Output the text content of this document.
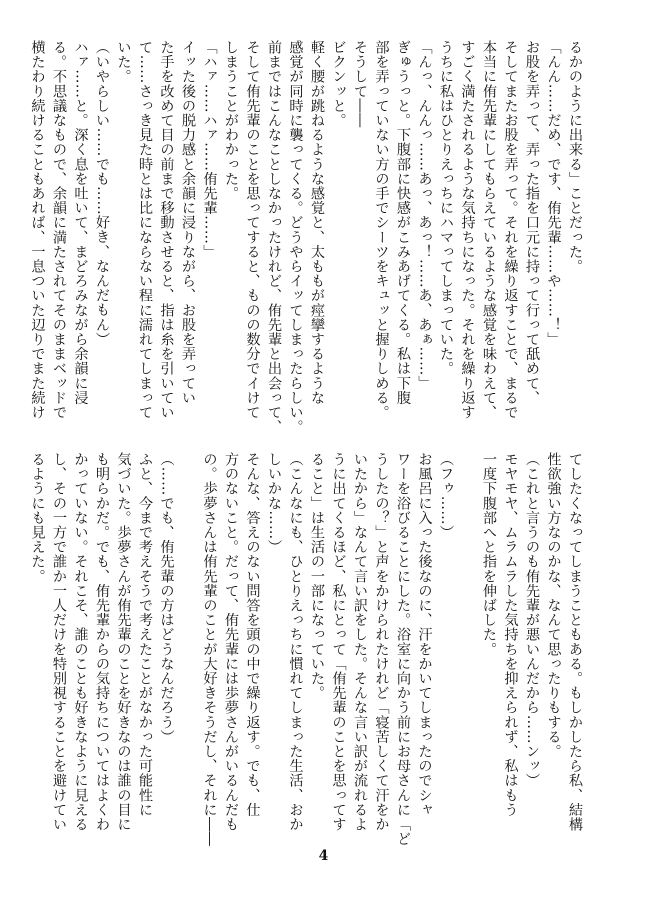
るかのように出来る」ことだった。
「んん……だめ、です、侑先輩……や……！」
お股を弄って、弄った指を口元に持って行って舐めて、
そしてまたお股を弄って。それを繰り返すことで、まるで
本当に侑先輩にしてもらえているような感覚を味わえて、
すごく満たされるような気持ちになった。それを繰り返す
うちに私はひとりえっちにハマってしまっていた。
「んっ、んんっ……あっ、あっ！……あ、あぁ……」
ぎゅうっと。下腹部に快感がこみあげてくる。私は下腹
部を弄っていない方の手でシーツをキュッと握りしめる。
そうして――
ビクンッと。
軽く腰が跳ねるような感覚と、太ももが痙攣するような
感覚が同時に襲ってくる。どうやらイッてしまったらしい。
前まではこんなことしなかったけれど、侑先輩と出会って、
そして侑先輩のことを思ってすると、ものの数分でイけて
しまうことがわかった。
「ハァ……ハァ……侑先輩……」
イッた後の脱力感と余韻に浸りながら、お股を弄ってい
た手を改めて目の前まで移動させると、指は糸を引いてい
て……さっき見た時とは比にならない程に濡れてしまって
いた。
（いやらしい……でも……好き、なんだもん）
ハァ……と。深く息を吐いて、まどろみながら余韻に浸
る。不思議なもので、余韻に満たされてそのままベッドで
横たわり続けることもあれば、一息ついた辺りでまた続け
てしたくなってしまうこともある。もしかしたら私、結構
性欲強い方なのかな、なんて思ったりもする。
（これと言うのも侑先輩が悪いんだから……ンッ）
モヤモヤ、ムラムラした気持ちを抑えられず、私はもう
一度下腹部へと指を伸ばした。
（フゥ……）
お風呂に入った後なのに、汗をかいてしまったのでシャ
ワーを浴びることにした。浴室に向かう前にお母さんに「ど
うしたの？」と声をかけられたけれど「寝苦しくて汗をか
いたから」なんて言い訳をした。そんな言い訳が流れるよ
うに出てくるほど、私にとって「侑先輩のことを思ってす
ること」は生活の一部になっていた。
（こんなにも、ひとりえっちに慣れてしまった生活、おか
しいかな……）
そんな、答えのない問答を頭の中で繰り返す。でも、仕
方のないこと。だって、侑先輩には歩夢さんがいるんだも
の。歩夢さんは侑先輩のことが大好きそうだし、それに――
（……でも、侑先輩の方はどうなんだろう）
ふと、今まで考えそうで考えたことがなかった可能性に
気づいた。歩夢さんが侑先輩のことを好きなのは誰の目に
も明らかだ。でも、侑先輩からの気持ちについてはよくわ
かっていない。それこそ、誰のことも好きなように見える
し、その一方で誰か一人だけを特別視することを避けてい
るようにも見えた。
4
